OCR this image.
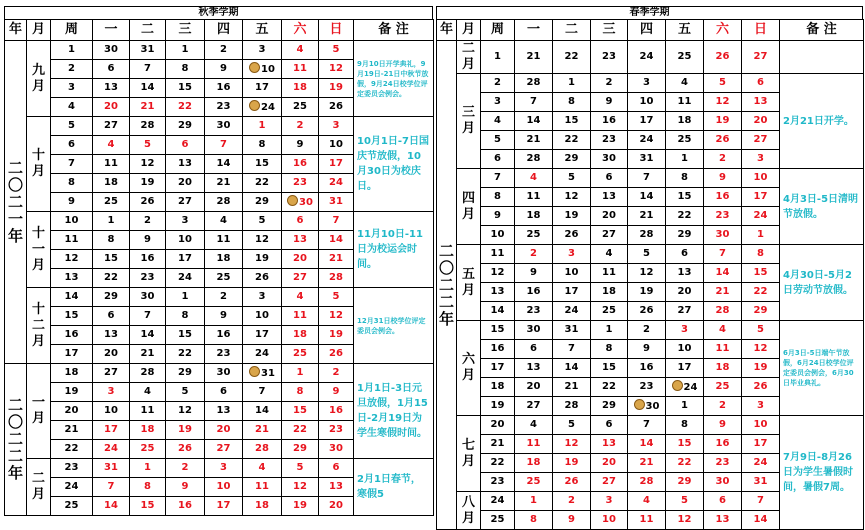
秋季学期
年	月	周	一	二	三	四	五	六	日	备 注
二〇二一年	九月	1	30	31	1	2	3	4	5	9月10日开学典礼，9月19日-21日中秋节放假，9月24日校学位评定委员会例会。
		2	6	7	8	9	10	11	12	
		3	13	14	15	16	17	18	19	
		4	20	21	22	23	24	25	26	
	十月	5	27	28	29	30	1	2	3	10月1日-7日国庆节放假，10月30日为校庆日。
		6	4	5	6	7	8	9	10	
		7	11	12	13	14	15	16	17	
		8	18	19	20	21	22	23	24	
		9	25	26	27	28	29	30	31	
	十一月	10	1	2	3	4	5	6	7	11月10日-11日为校运会时间。
		11	8	9	10	11	12	13	14	
		12	15	16	17	18	19	20	21	
		13	22	23	24	25	26	27	28	
	十二月	14	29	30	1	2	3	4	5	12月31日校学位评定委员会例会。
		15	6	7	8	9	10	11	12	
		16	13	14	15	16	17	18	19	
		17	20	21	22	23	24	25	26	
二〇二二年	一月	18	27	28	29	30	31	1	2	1月1日-3日元旦放假，1月15日-2月19日为学生寒假时间。
		19	3	4	5	6	7	8	9	
		20	10	11	12	13	14	15	16	
		21	17	18	19	20	21	22	23	
		22	24	25	26	27	28	29	30	
	二月	23	31	1	2	3	4	5	6	2月1日春节，寒假5
		24	7	8	9	10	11	12	13	
		25	14	15	16	17	18	19	20	
春季学期
年	月	周	一	二	三	四	五	六	日	备 注
二〇二二年	二月	1	21	22	23	24	25	26	27	
	三月	2	28	1	2	3	4	5	6	2月21日开学。
		3	7	8	9	10	11	12	13	
		4	14	15	16	17	18	19	20	
		5	21	22	23	24	25	26	27	
		6	28	29	30	31	1	2	3	
	四月	7	4	5	6	7	8	9	10	4月3日-5日清明节放假。
		8	11	12	13	14	15	16	17	
		9	18	19	20	21	22	23	24	
		10	25	26	27	28	29	30	1	
	五月	11	2	3	4	5	6	7	8	4月30日-5月2日劳动节放假。
		12	9	10	11	12	13	14	15	
		13	16	17	18	19	20	21	22	
		14	23	24	25	26	27	28	29	
	六月	15	30	31	1	2	3	4	5	6月3日-5日端午节放假，6月24日校学位评定委员会例会，6月30日毕业典礼。
		16	6	7	8	9	10	11	12	
		17	13	14	15	16	17	18	19	
		18	20	21	22	23	24	25	26	
		19	27	28	29	30	1	2	3	
	七月	20	4	5	6	7	8	9	10	7月9日-8月26日为学生暑假时间，暑假7周。
		21	11	12	13	14	15	16	17	
		22	18	19	20	21	22	23	24	
		23	25	26	27	28	29	30	31	
	八月	24	1	2	3	4	5	6	7	
		25	8	9	10	11	12	13	14	
